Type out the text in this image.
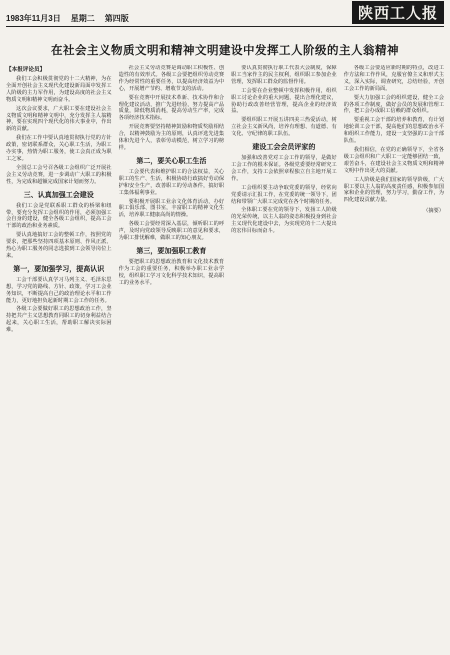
1983年11月3日 星期二 第四版	陕西工人报
在社会主义物质文明和精神文明建设中发挥工人阶级的主人翁精神
【本报评论员】

我们工会积极贯彻党的十二大精神，为在全面开创社会主义现代化建设新局面中发挥工人阶级的主力军作用，为建设高度的社会主义物质文明和精神文明而奋斗。

这次会议要求，广大职工要在建设社会主义物质文明和精神文明中，充分发挥主人翁精神，要在实现四个现代化的伟大事业中，作出新的贡献。

我们在工作中要认真地贯彻执行党的方针政策，密切联系群众，关心职工生活，为职工办实事，热情为职工服务，使工会真正成为职工之家。

全国总工会号召各级工会组织广泛开展社会主义劳动竞赛，进一步调动广大职工的积极性，为完成和超额完成国家计划而努力。

三、认真加强工会建设

我们工会是党联系职工群众的桥梁和纽带，要充分发挥工会组织的作用，必须加强工会自身的建设，健全各级工会组织，提高工会干部的政治和业务素质。

要认真地搞好工会的整顿工作，按照党的要求，把那些坚持四项基本原则、作风正派、热心为职工服务的同志选拔到工会领导岗位上来。

第一，要加强学习，提高认识

工会干部要认真学习马列主义、毛泽东思想，学习党的路线、方针、政策，学习工会业务知识，不断提高自己的政治理论水平和工作能力，更好地担负起新时期工会工作的任务。

各级工会要做好职工的思想政治工作，坚持把共产主义思想教育同职工的切身利益结合起来，关心职工生活，帮助职工解决实际困难。

社会主义劳动竞赛是调动职工积极性、创造性的有效形式。各级工会要把组织劳动竞赛作为经常性的重要任务，以提高经济效益为中心，开展增产节约、增收节支的活动。

要在竞赛中开展技术革新、技术协作和合理化建议活动，推广先进经验，努力提高产品质量，降低物质消耗，提高劳动生产率，完成各项经济技术指标。

开展竞赛要坚持精神鼓励和物质奖励相结合，以精神鼓励为主的原则，认真评选先进集体和先进个人，表彰劳动模范，树立学习的榜样。

第二，要关心职工生活

工会要代表和维护职工的合法权益，关心职工的生产、生活，积极协助行政搞好劳动保护和安全生产，改善职工的劳动条件，搞好职工集体福利事业。

要积极开展职工业余文化体育活动，办好职工俱乐部、图书室，丰富职工的精神文化生活，培养职工健康高尚的情操。

各级工会要经常深入基层，倾听职工的呼声，及时向党政领导反映职工的意见和要求，为职工排忧解难，做职工的知心朋友。

第三，要加强职工教育

要把职工的思想政治教育和文化技术教育作为工会的重要任务，积极举办职工业余学校，组织职工学习文化科学技术知识，提高职工的业务水平。

要认真贯彻执行职工代表大会制度，保障职工当家作主的民主权利，组织职工参加企业管理，发挥职工群众的监督作用。

工会要在企业整顿中发挥积极作用，组织职工讨论企业的重大问题，提出合理化建议，协助行政改善经营管理，提高企业的经济效益。

要组织职工开展五讲四美三热爱活动，树立社会主义新风尚，培养有理想、有道德、有文化、守纪律的职工队伍。

建设工会会员评家的

加强和改善党对工会工作的领导，是做好工会工作的根本保证。各级党委要经常研究工会工作，支持工会依照章程独立自主地开展工作。

工会组织要主动争取党委的领导，经常向党委请示汇报工作，在党委的统一领导下，团结和带领广大职工完成党在各个时期的任务。

全体职工要在党的领导下，发扬工人阶级的光荣传统，以主人翁的姿态积极投身到社会主义现代化建设中去，为实现党的十二大提出的宏伟目标而奋斗。

各级工会要适应新时期的特点，改进工作方法和工作作风，克服官僚主义和形式主义，深入实际，调查研究，总结经验，开创工会工作的新局面。

要大力加强工会的组织建设，健全工会的各项工作制度，做好会员的发展和管理工作，把工会办成职工信赖的群众组织。

要重视工会干部的培养和教育，有计划地轮训工会干部，提高他们的思想政治水平和组织工作能力，建设一支坚强的工会干部队伍。

我们相信，在党的正确领导下，全省各级工会组织和广大职工一定能够团结一致，艰苦奋斗，在建设社会主义物质文明和精神文明中作出更大的贡献。

工人阶级是我们国家的领导阶级，广大职工要以主人翁的高度责任感，积极参加国家和企业的管理，努力学习，勤奋工作，为四化建设贡献力量。

（摘要）
